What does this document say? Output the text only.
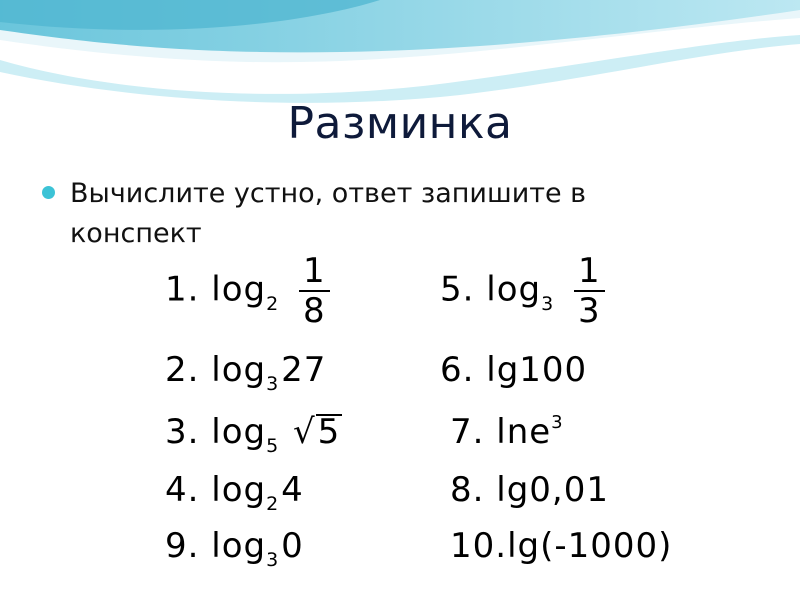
Разминка
Вычислите устно, ответ запишите в конспект
1. $\log_2 \frac{1}{8}$	5. $\log_3 \frac{1}{3}$
2. $\log_327$	6. lg100
3. $\log_5 √5$	7. lne$^3$
4. $\log_24$	8. lg0,01
9. $\log_30$	10.lg(-1000)
